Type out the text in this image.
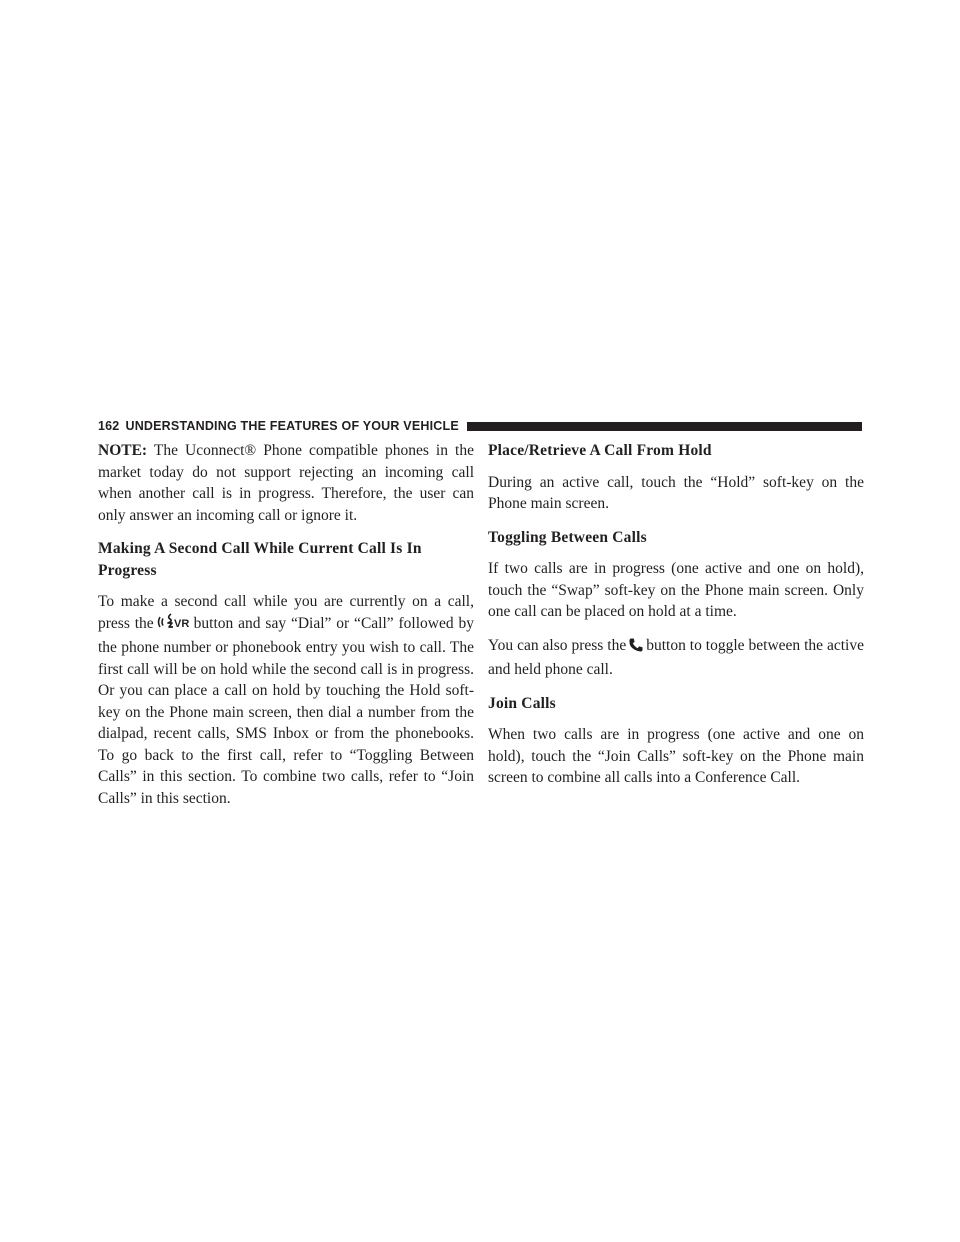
162 UNDERSTANDING THE FEATURES OF YOUR VEHICLE

NOTE: The Uconnect® Phone compatible phones in the market today do not support rejecting an incoming call when another call is in progress. Therefore, the user can only answer an incoming call or ignore it.

Making A Second Call While Current Call Is In Progress

To make a second call while you are currently on a call, press the VR button and say “Dial” or “Call” followed by the phone number or phonebook entry you wish to call. The first call will be on hold while the second call is in progress. Or you can place a call on hold by touching the Hold soft-key on the Phone main screen, then dial a number from the dialpad, recent calls, SMS Inbox or from the phonebooks. To go back to the first call, refer to “Toggling Between Calls” in this section. To combine two calls, refer to “Join Calls” in this section.

Place/Retrieve A Call From Hold

During an active call, touch the “Hold” soft-key on the Phone main screen.

Toggling Between Calls

If two calls are in progress (one active and one on hold), touch the “Swap” soft-key on the Phone main screen. Only one call can be placed on hold at a time.

You can also press the button to toggle between the active and held phone call.

Join Calls

When two calls are in progress (one active and one on hold), touch the “Join Calls” soft-key on the Phone main screen to combine all calls into a Conference Call.
